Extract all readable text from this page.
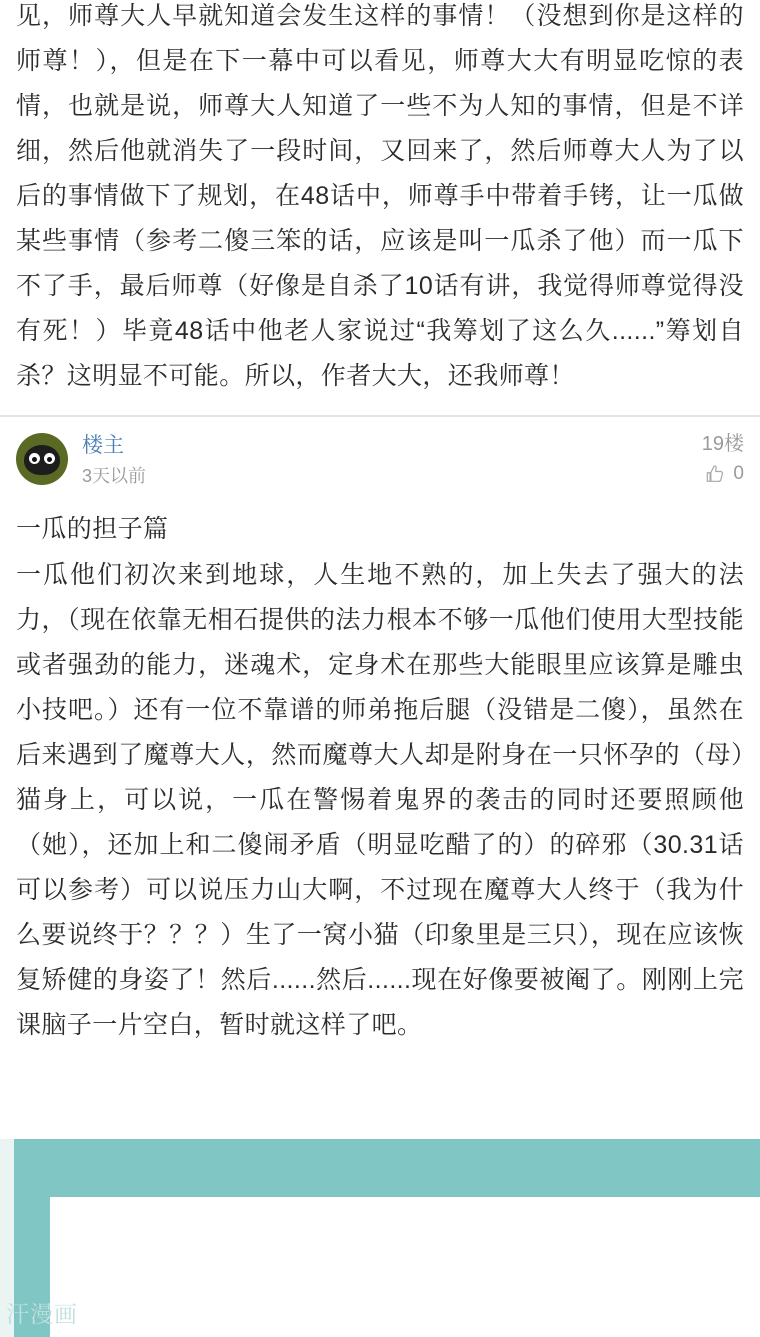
见，师尊大人早就知道会发生这样的事情！（没想到你是这样的师尊！），但是在下一幕中可以看见，师尊大大有明显吃惊的表情，也就是说，师尊大人知道了一些不为人知的事情，但是不详细，然后他就消失了一段时间，又回来了，然后师尊大人为了以后的事情做下了规划，在48话中，师尊手中带着手铐，让一瓜做某些事情（参考二傻三笨的话，应该是叫一瓜杀了他）而一瓜下不了手，最后师尊（好像是自杀了10话有讲，我觉得师尊觉得没有死！）毕竟48话中他老人家说过“我筹划了这么久......”筹划自杀？这明显不可能。所以，作者大大，还我师尊！
楼主
3天以前
19楼
0
一瓜的担子篇
一瓜他们初次来到地球，人生地不熟的，加上失去了强大的法力，（现在依靠无相石提供的法力根本不够一瓜他们使用大型技能或者强劲的能力，迷魂术，定身术在那些大能眼里应该算是雕虫小技吧。）还有一位不靠谱的师弟拖后腿（没错是二傻），虽然在后来遇到了魔尊大人，然而魔尊大人却是附身在一只怀孕的（母）猫身上，可以说，一瓜在警惕着鬼界的袭击的同时还要照顾他（她），还加上和二傻闹矛盾（明显吃醋了的）的碎邪（30.31话可以参考）可以说压力山大啊，不过现在魔尊大人终于（我为什么要说终于？？？）生了一窝小猫（印象里是三只），现在应该恢复矫健的身姿了！然后......然后......现在好像要被阉了。刚刚上完课脑子一片空白，暂时就这样了吧。
汗漫画
